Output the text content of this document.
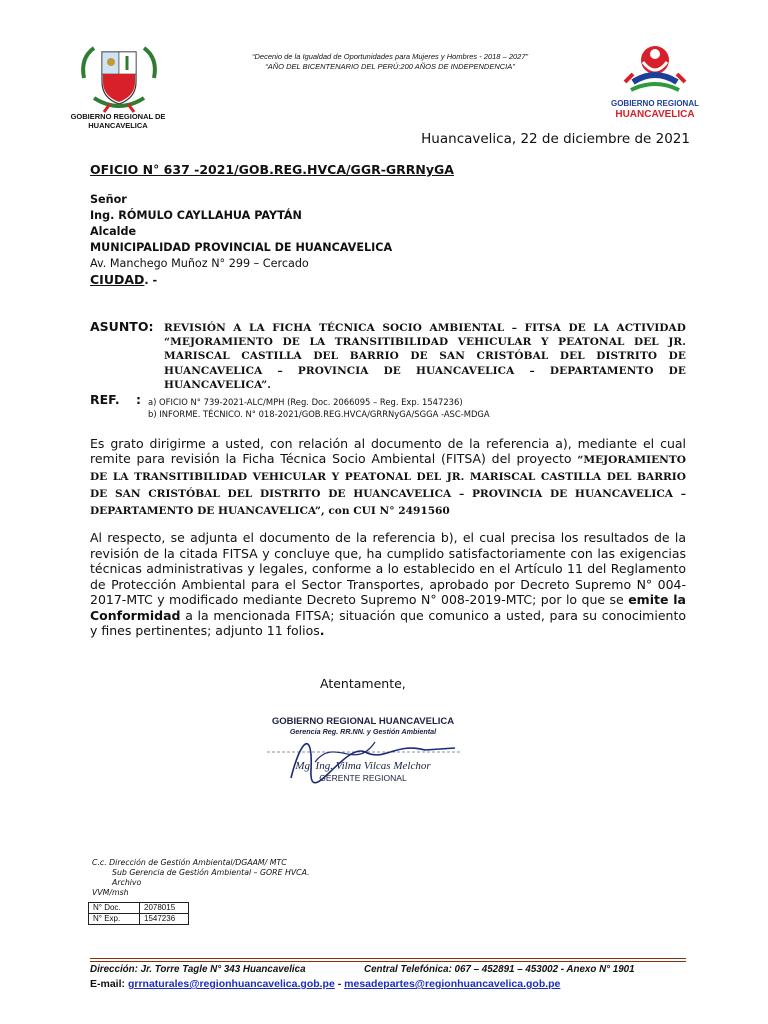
GOBIERNO REGIONAL DE
HUANCAVELICA
“Decenio de la Igualdad de Oportunidades para Mujeres y Hombres - 2018 – 2027”
“AÑO DEL BICENTENARIO DEL PERÚ:200 AÑOS DE INDEPENDENCIA”
GOBIERNO REGIONAL
HUANCAVELICA
Huancavelica, 22 de diciembre de 2021
OFICIO N° 637 -2021/GOB.REG.HVCA/GGR-GRRNyGA
Señor
Ing. RÓMULO CAYLLAHUA PAYTÁN
Alcalde
MUNICIPALIDAD PROVINCIAL DE HUANCAVELICA
Av. Manchego Muñoz N° 299 – Cercado
CIUDAD. -
ASUNTO: REVISIÓN A LA FICHA TÉCNICA SOCIO AMBIENTAL – FITSA DE LA ACTIVIDAD “MEJORAMIENTO DE LA TRANSITIBILIDAD VEHICULAR Y PEATONAL DEL JR. MARISCAL CASTILLA DEL BARRIO DE SAN CRISTÓBAL DEL DISTRITO DE HUANCAVELICA – PROVINCIA DE HUANCAVELICA – DEPARTAMENTO DE HUANCAVELICA”.
REF. : a) OFICIO N° 739-2021-ALC/MPH (Reg. Doc. 2066095 – Reg. Exp. 1547236)
b) INFORME. TÉCNICO. N° 018-2021/GOB.REG.HVCA/GRRNyGA/SGGA -ASC-MDGA
Es grato dirigirme a usted, con relación al documento de la referencia a), mediante el cual remite para revisión la Ficha Técnica Socio Ambiental (FITSA) del proyecto “MEJORAMIENTO DE LA TRANSITIBILIDAD VEHICULAR Y PEATONAL DEL JR. MARISCAL CASTILLA DEL BARRIO DE SAN CRISTÓBAL DEL DISTRITO DE HUANCAVELICA – PROVINCIA DE HUANCAVELICA – DEPARTAMENTO DE HUANCAVELICA”, con CUI N° 2491560
Al respecto, se adjunta el documento de la referencia b), el cual precisa los resultados de la revisión de la citada FITSA y concluye que, ha cumplido satisfactoriamente con las exigencias técnicas administrativas y legales, conforme a lo establecido en el Artículo 11 del Reglamento de Protección Ambiental para el Sector Transportes, aprobado por Decreto Supremo N° 004-2017-MTC y modificado mediante Decreto Supremo N° 008-2019-MTC; por lo que se emite la Conformidad a la mencionada FITSA; situación que comunico a usted, para su conocimiento y fines pertinentes; adjunto 11 folios.
Atentamente,
GOBIERNO REGIONAL HUANCAVELICA
Gerencia Reg. RR.NN. y Gestión Ambiental
Mg. Ing. Vilma Vilcas Melchor
GERENTE REGIONAL
C.c. Dirección de Gestión Ambiental/DGAAM/ MTC
Sub Gerencia de Gestión Ambiental – GORE HVCA.
Archivo
VVM/msh
N° Doc.	2078015
N° Exp.	1547236
Dirección: Jr. Torre Tagle N° 343 Huancavelica	Central Telefónica: 067 – 452891 – 453002 - Anexo N° 1901
E-mail: grrnaturales@regionhuancavelica.gob.pe - mesadepartes@regionhuancavelica.gob.pe
